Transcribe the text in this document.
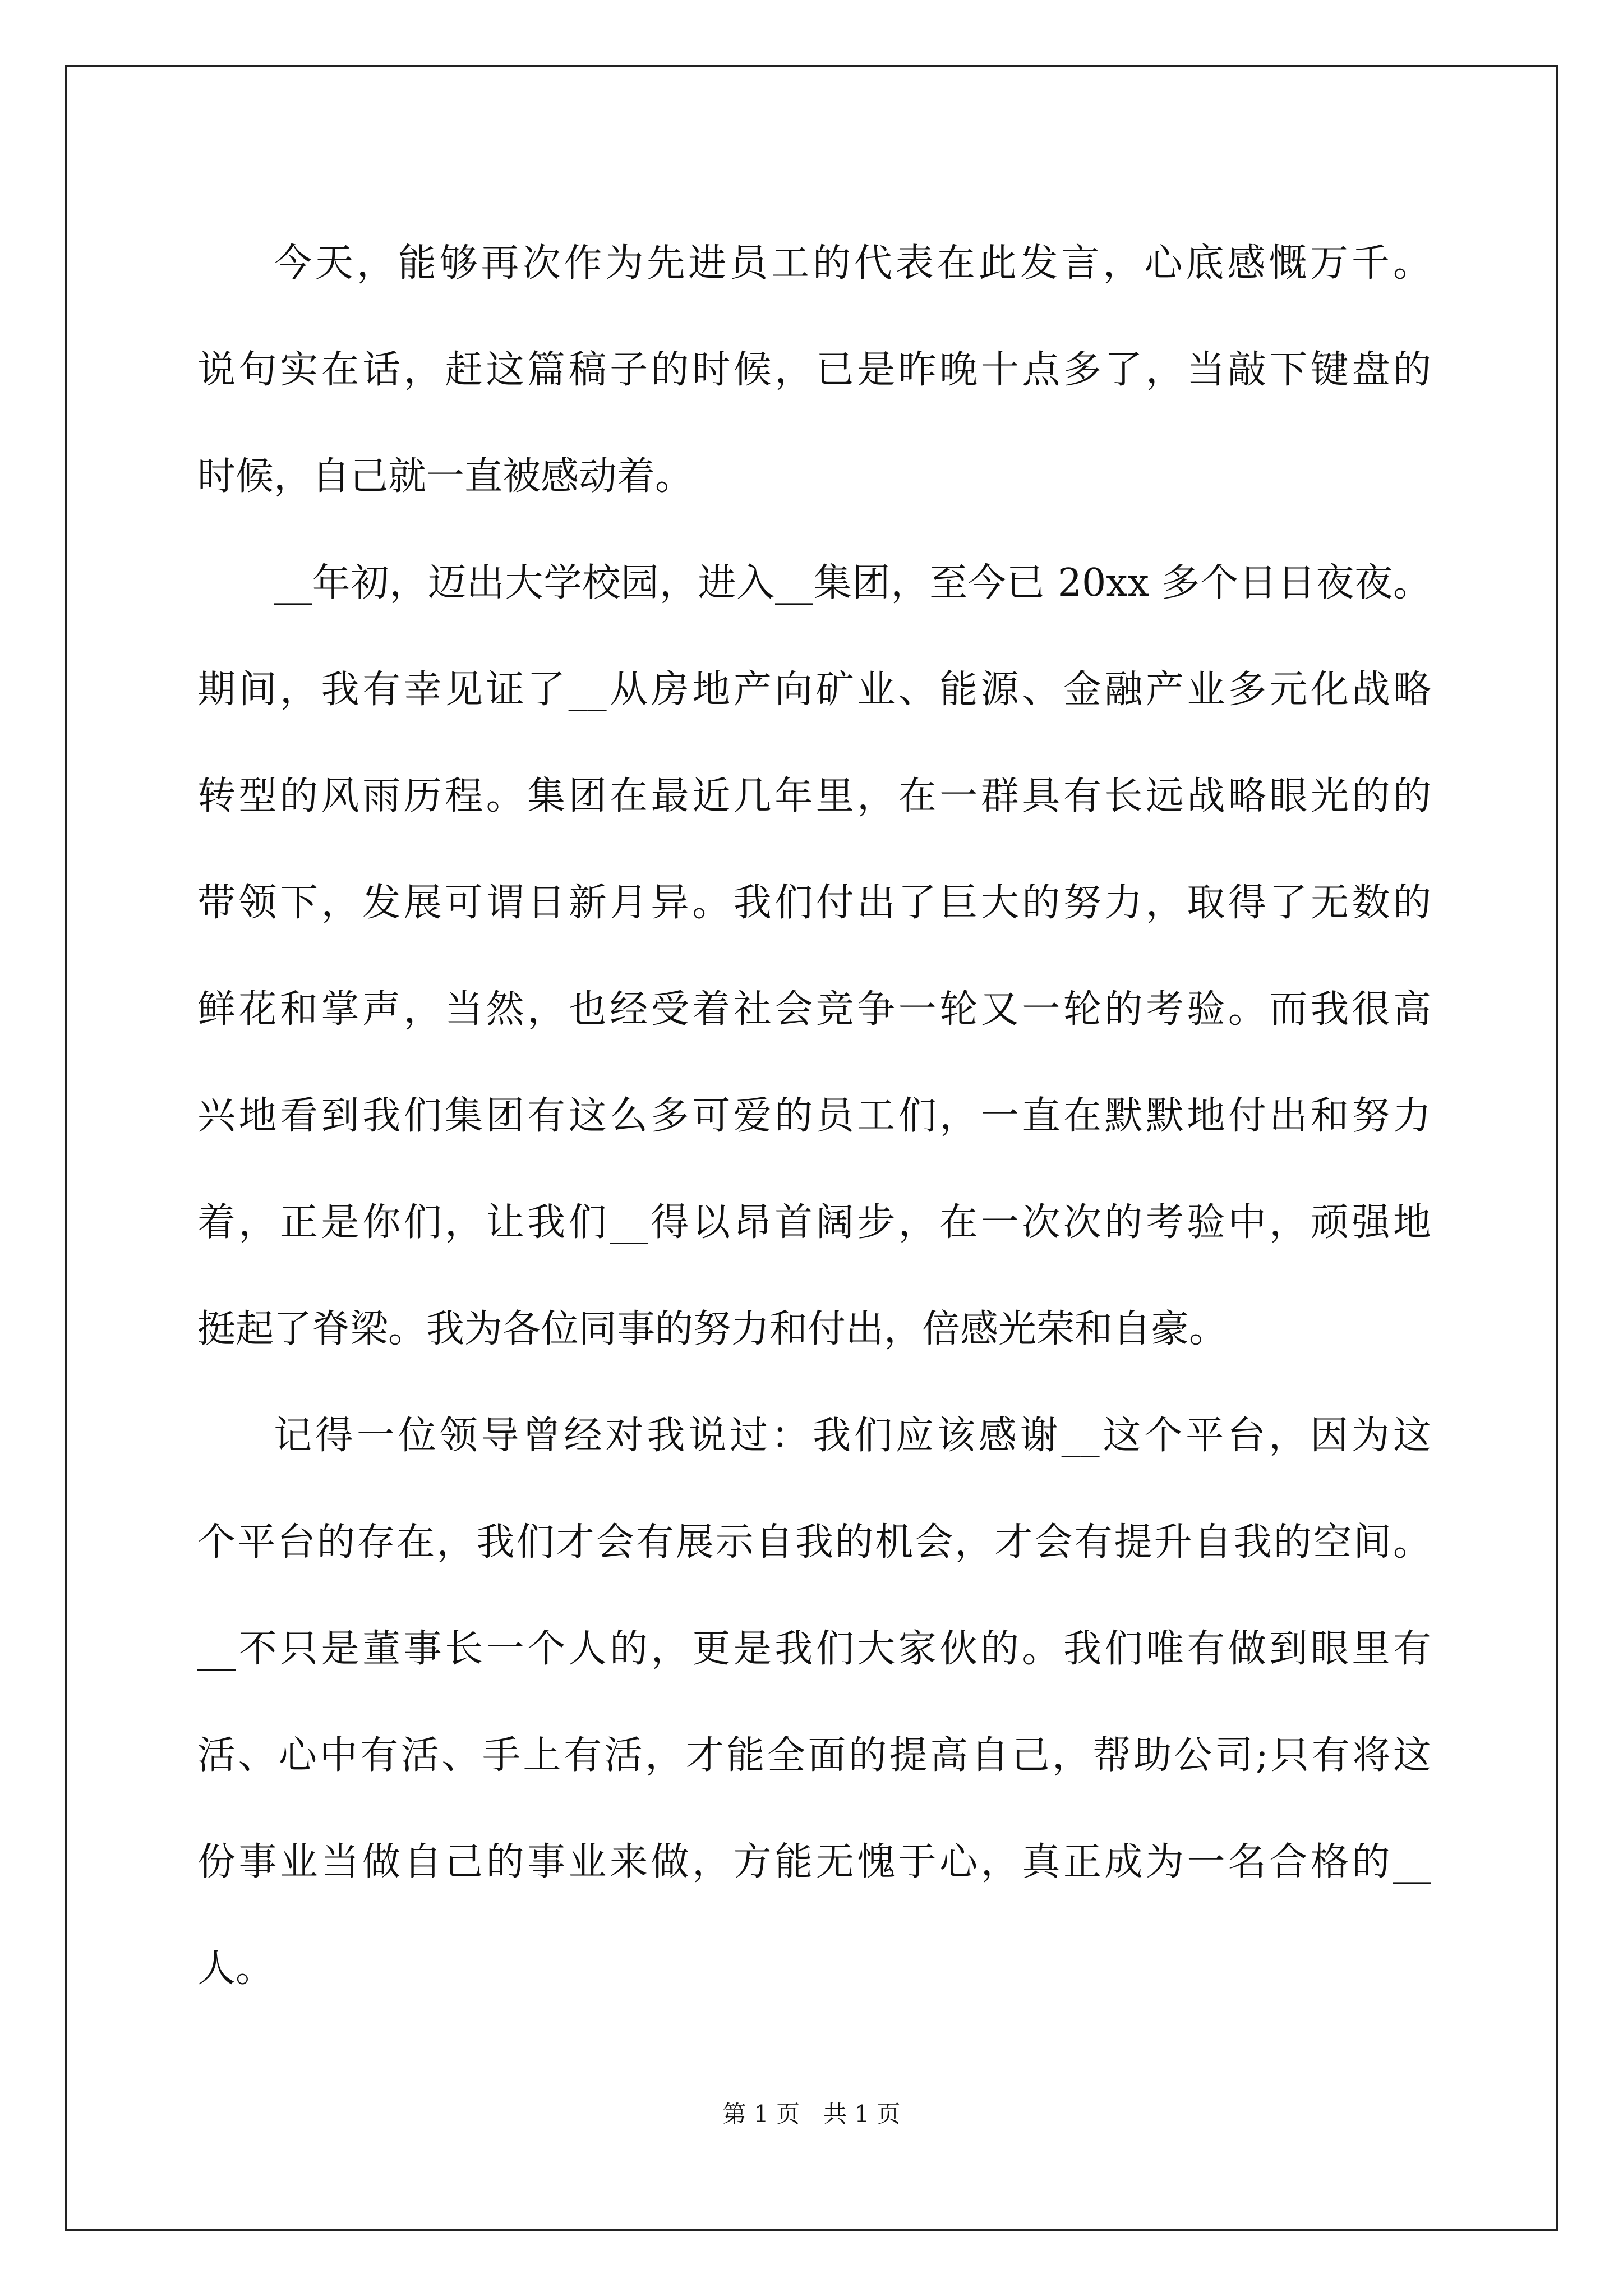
今天，能够再次作为先进员工的代表在此发言，心底感慨万千。
说句实在话，赶这篇稿子的时候，已是昨晚十点多了，当敲下键盘的
时候，自己就一直被感动着。
__年初，迈出大学校园，进入__集团，至今已 20xx 多个日日夜夜。
期间，我有幸见证了__从房地产向矿业、能源、金融产业多元化战略
转型的风雨历程。集团在最近几年里，在一群具有长远战略眼光的的
带领下，发展可谓日新月异。我们付出了巨大的努力，取得了无数的
鲜花和掌声，当然，也经受着社会竞争一轮又一轮的考验。而我很高
兴地看到我们集团有这么多可爱的员工们，一直在默默地付出和努力
着，正是你们，让我们__得以昂首阔步，在一次次的考验中，顽强地
挺起了脊梁。我为各位同事的努力和付出，倍感光荣和自豪。
记得一位领导曾经对我说过：我们应该感谢__这个平台，因为这
个平台的存在，我们才会有展示自我的机会，才会有提升自我的空间。
__不只是董事长一个人的，更是我们大家伙的。我们唯有做到眼里有
活、心中有活、手上有活，才能全面的提高自己，帮助公司;只有将这
份事业当做自己的事业来做，方能无愧于心，真正成为一名合格的__
人。
第 1 页　共 1 页
